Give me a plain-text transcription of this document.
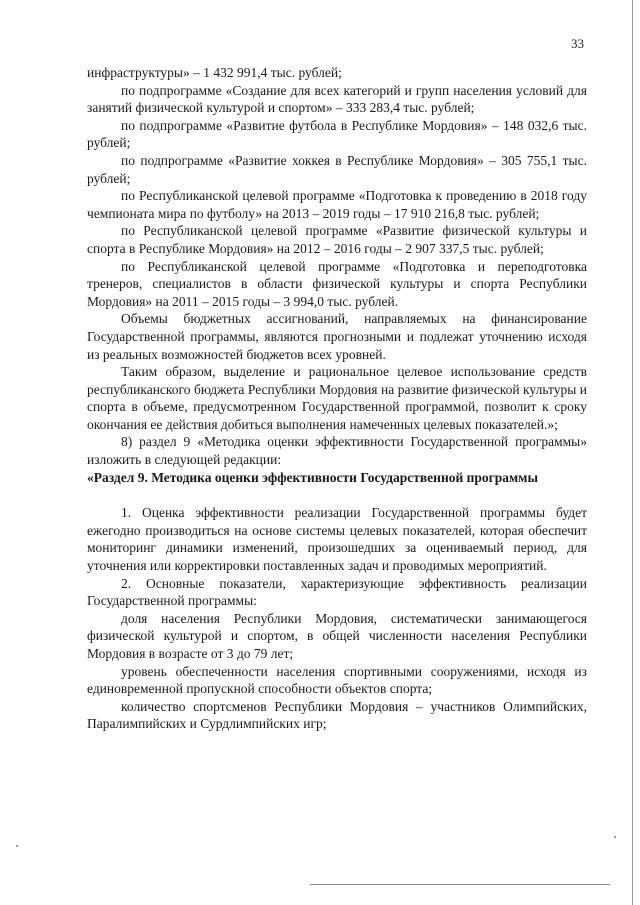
33

инфраструктуры» – 1 432 991,4 тыс. рублей;

по подпрограмме «Создание для всех категорий и групп населения условий для занятий физической культурой и спортом» – 333 283,4 тыс. рублей;

по подпрограмме «Развитие футбола в Республике Мордовия» – 148 032,6 тыс. рублей;

по подпрограмме «Развитие хоккея в Республике Мордовия» – 305 755,1 тыс. рублей;

по Республиканской целевой программе «Подготовка к проведению в 2018 году чемпионата мира по футболу» на 2013 – 2019 годы – 17 910 216,8 тыс. рублей;

по Республиканской целевой программе «Развитие физической культуры и спорта в Республике Мордовия» на 2012 – 2016 годы – 2 907 337,5 тыс. рублей;

по Республиканской целевой программе «Подготовка и переподготовка тренеров, специалистов в области физической культуры и спорта Республики Мордовия» на 2011 – 2015 годы – 3 994,0 тыс. рублей.

Объемы бюджетных ассигнований, направляемых на финансирование Государственной программы, являются прогнозными и подлежат уточнению исходя из реальных возможностей бюджетов всех уровней.

Таким образом, выделение и рациональное целевое использование средств республиканского бюджета Республики Мордовия на развитие физической культуры и спорта в объеме, предусмотренном Государственной программой, позволит к сроку окончания ее действия добиться выполнения намеченных целевых показателей.»;

8) раздел 9 «Методика оценки эффективности Государственной программы» изложить в следующей редакции:

«Раздел 9. Методика оценки эффективности Государственной программы

1. Оценка эффективности реализации Государственной программы будет ежегодно производиться на основе системы целевых показателей, которая обеспечит мониторинг динамики изменений, произошедших за оцениваемый период, для уточнения или корректировки поставленных задач и проводимых мероприятий.

2. Основные показатели, характеризующие эффективность реализации Государственной программы:

доля населения Республики Мордовия, систематически занимающегося физической культурой и спортом, в общей численности населения Республики Мордовия в возрасте от 3 до 79 лет;

уровень обеспеченности населения спортивными сооружениями, исходя из единовременной пропускной способности объектов спорта;

количество спортсменов Республики Мордовия – участников Олимпийских, Паралимпийских и Сурдлимпийских игр;
